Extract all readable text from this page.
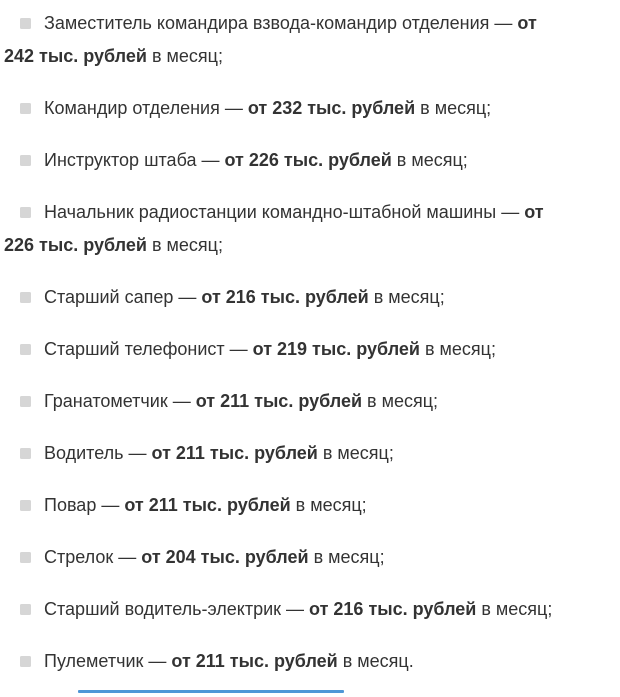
Заместитель командира взвода-командир отделения — от
242 тыс. рублей в месяц;

Командир отделения — от 232 тыс. рублей в месяц;

Инструктор штаба — от 226 тыс. рублей в месяц;

Начальник радиостанции командно-штабной машины — от
226 тыс. рублей в месяц;

Старший сапер — от 216 тыс. рублей в месяц;

Старший телефонист — от 219 тыс. рублей в месяц;

Гранатометчик — от 211 тыс. рублей в месяц;

Водитель — от 211 тыс. рублей в месяц;

Повар — от 211 тыс. рублей в месяц;

Стрелок — от 204 тыс. рублей в месяц;

Старший водитель-электрик — от 216 тыс. рублей в месяц;

Пулеметчик — от 211 тыс. рублей в месяц.
